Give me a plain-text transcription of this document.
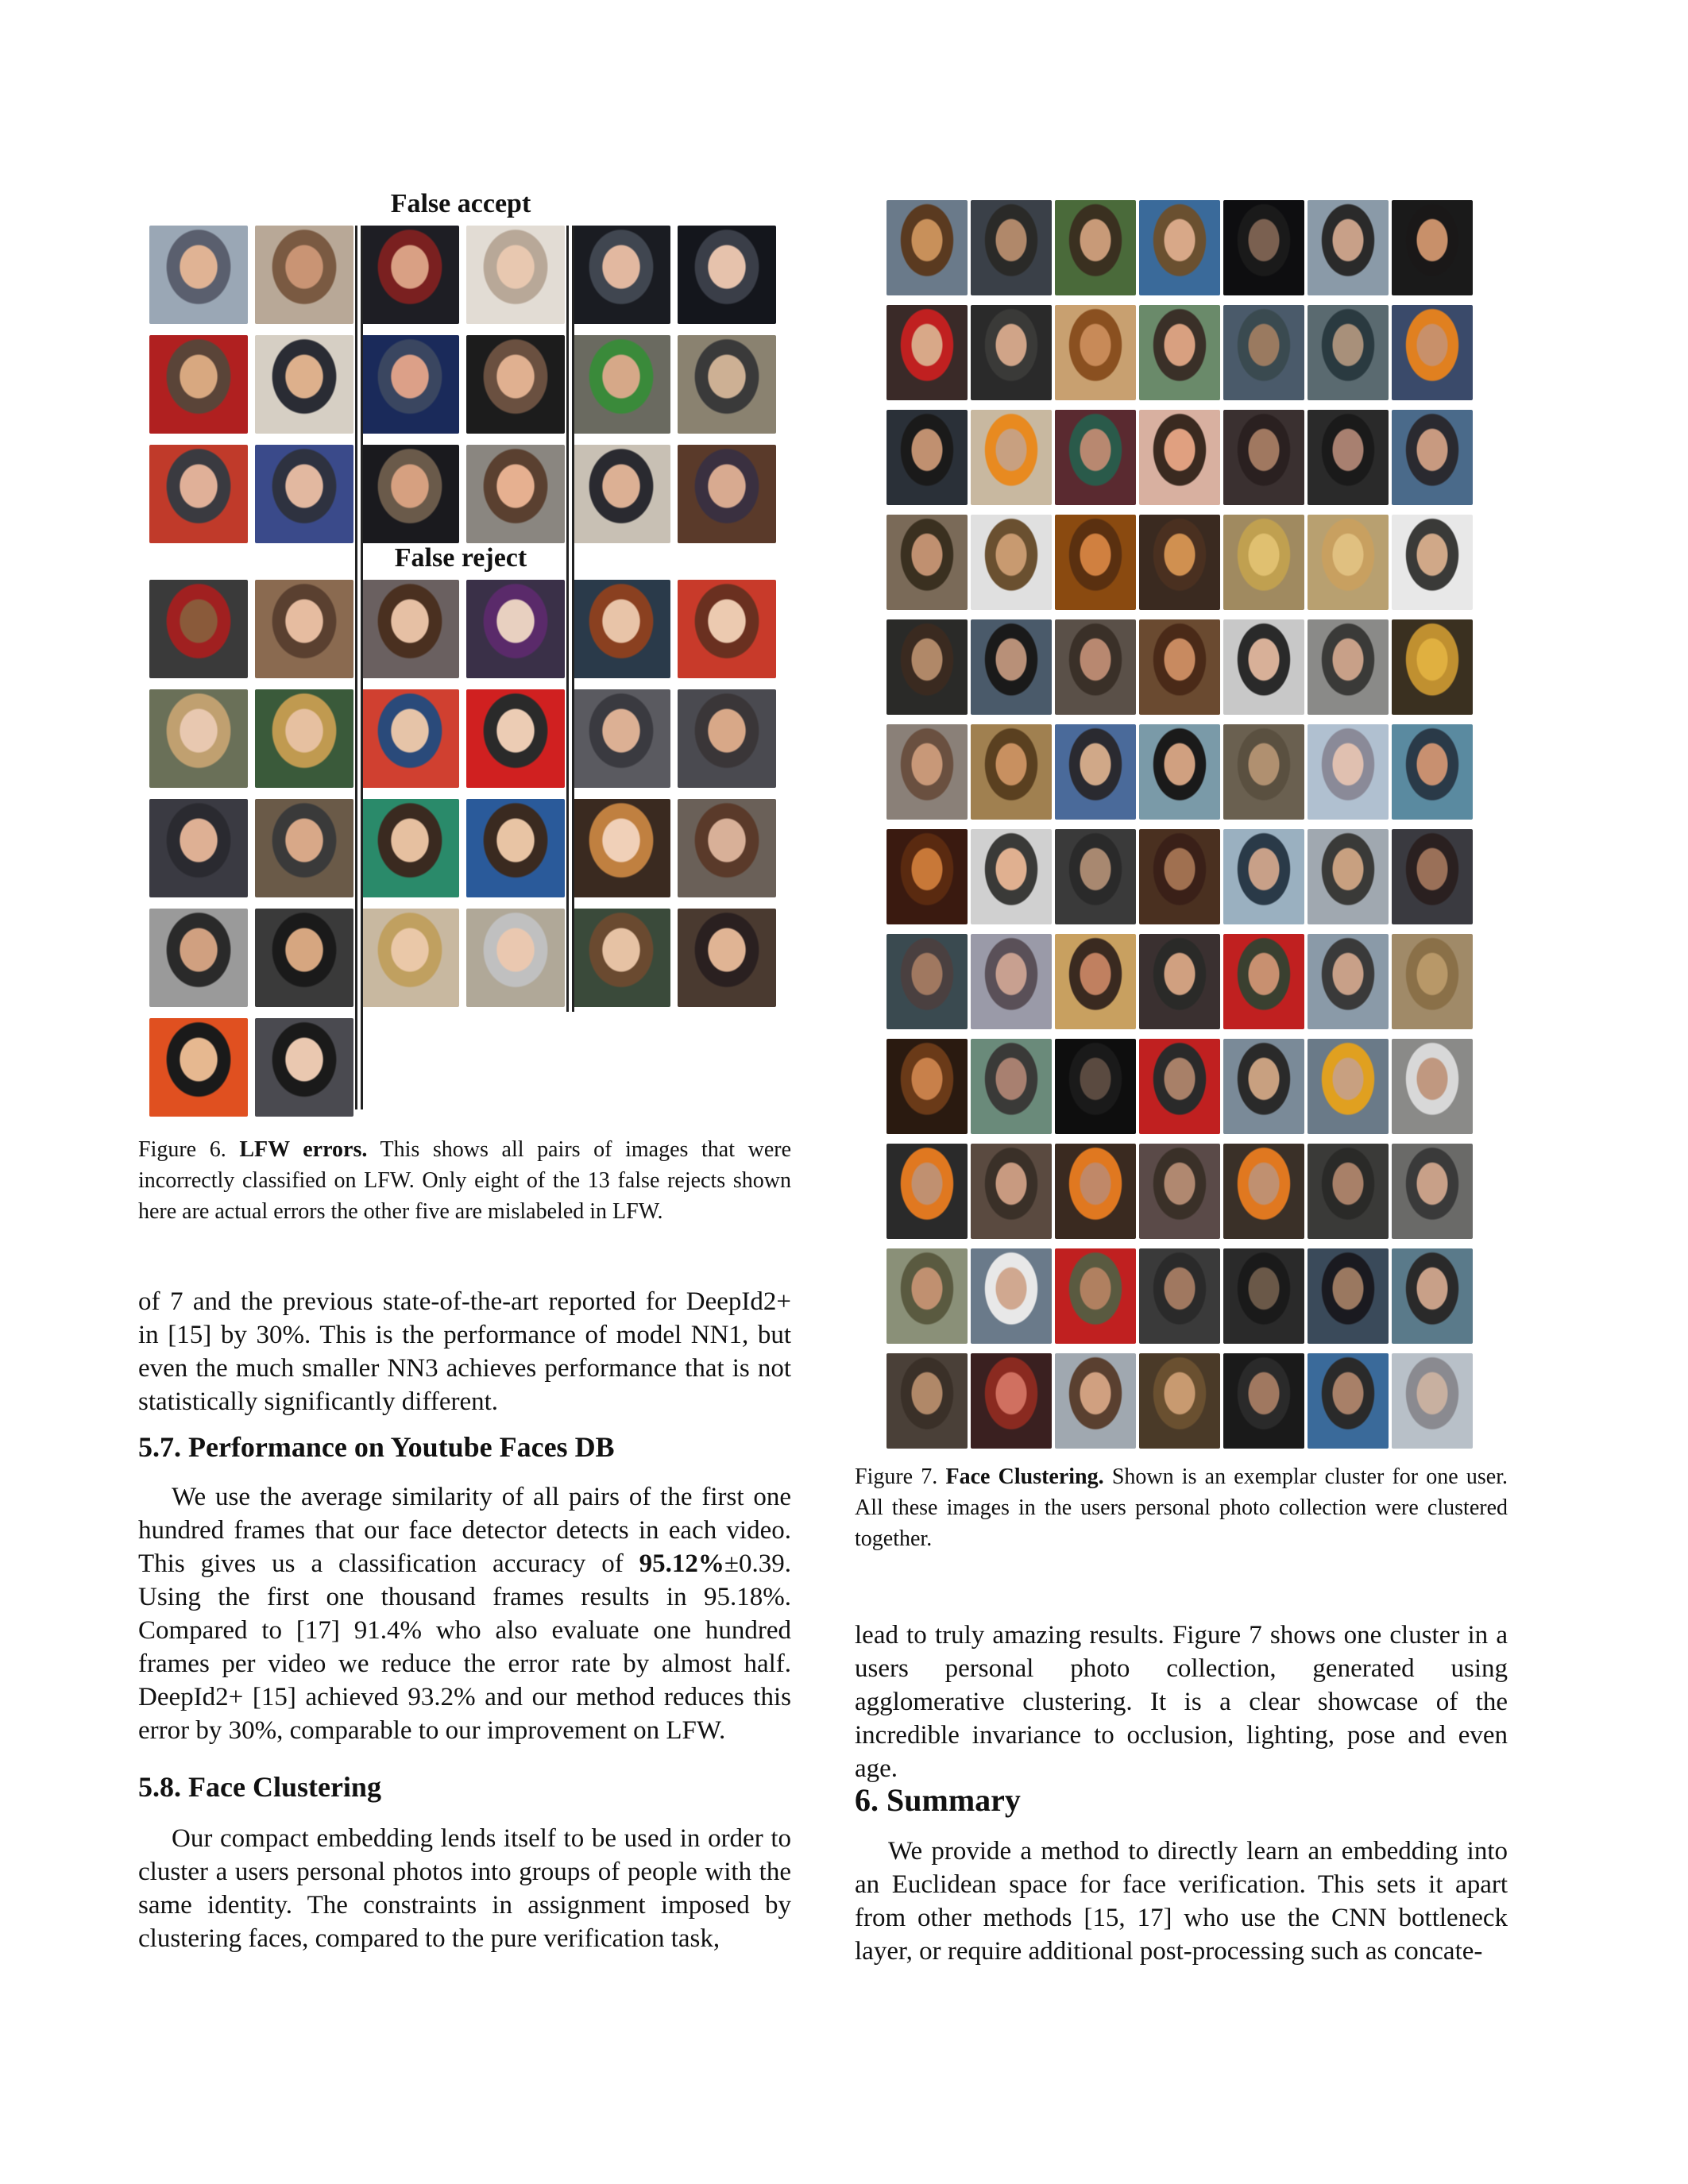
False accept
False reject

Figure 6. LFW errors. This shows all pairs of images that were incorrectly classified on LFW. Only eight of the 13 false rejects shown here are actual errors the other five are mislabeled in LFW.

of 7 and the previous state-of-the-art reported for DeepId2+ in [15] by 30%. This is the performance of model NN1, but even the much smaller NN3 achieves performance that is not statistically significantly different.

5.7. Performance on Youtube Faces DB

We use the average similarity of all pairs of the first one hundred frames that our face detector detects in each video. This gives us a classification accuracy of 95.12%±0.39. Using the first one thousand frames results in 95.18%. Compared to [17] 91.4% who also evaluate one hundred frames per video we reduce the error rate by almost half. DeepId2+ [15] achieved 93.2% and our method reduces this error by 30%, comparable to our improvement on LFW.

5.8. Face Clustering

Our compact embedding lends itself to be used in order to cluster a users personal photos into groups of people with the same identity. The constraints in assignment imposed by clustering faces, compared to the pure verification task,

Figure 7. Face Clustering. Shown is an exemplar cluster for one user. All these images in the users personal photo collection were clustered together.

lead to truly amazing results. Figure 7 shows one cluster in a users personal photo collection, generated using agglomerative clustering. It is a clear showcase of the incredible invariance to occlusion, lighting, pose and even age.

6. Summary

We provide a method to directly learn an embedding into an Euclidean space for face verification. This sets it apart from other methods [15, 17] who use the CNN bottleneck layer, or require additional post-processing such as concate-
